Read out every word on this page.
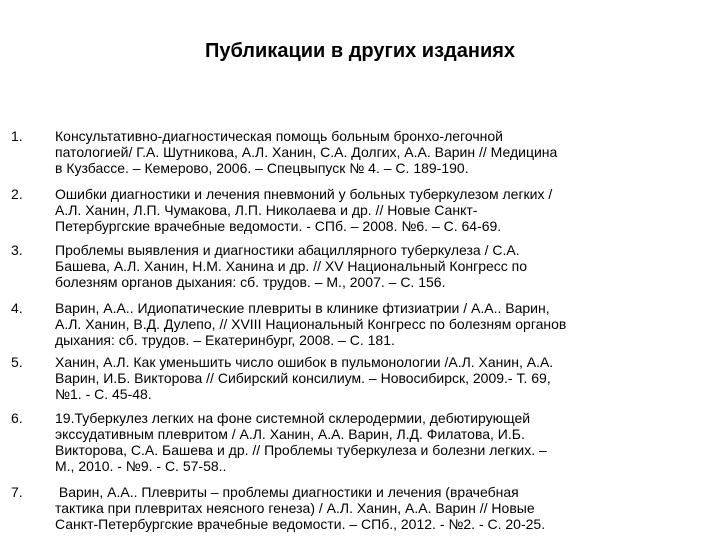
Публикации в других изданиях
1. Консультативно-диагностическая помощь больным бронхо-легочной
патологией/ Г.А. Шутникова, А.Л. Ханин, С.А. Долгих, А.А. Варин // Медицина
в Кузбассе. – Кемерово, 2006. – Спецвыпуск № 4. – С. 189-190.
2. Ошибки диагностики и лечения пневмоний у больных туберкулезом легких /
А.Л. Ханин, Л.П. Чумакова, Л.П. Николаева и др. // Новые Санкт-
Петербургские врачебные ведомости. - СПб. – 2008. №6. – С. 64-69.
3. Проблемы выявления и диагностики абациллярного туберкулеза / С.А.
Башева, А.Л. Ханин, Н.М. Ханина и др. // XV Национальный Конгресс по
болезням органов дыхания: сб. трудов. – М., 2007. – С. 156.
4. Варин, А.А.. Идиопатические плевриты в клинике фтизиатрии / А.А.. Варин,
А.Л. Ханин, В.Д. Дулепо, // XVIII Национальный Конгресс по болезням органов
дыхания: сб. трудов. – Екатеринбург, 2008. – С. 181.
5. Ханин, А.Л. Как уменьшить число ошибок в пульмонологии /А.Л. Ханин, А.А.
Варин, И.Б. Викторова // Сибирский консилиум. – Новосибирск, 2009.- Т. 69,
№1. - С. 45-48.
6. 19.Туберкулез легких на фоне системной склеродермии, дебютирующей
экссудативным плевритом / А.Л. Ханин, А.А. Варин, Л.Д. Филатова, И.Б.
Викторова, С.А. Башева и др. // Проблемы туберкулеза и болезни легких. –
М., 2010. - №9. - С. 57-58..
7.	Варин, А.А.. Плевриты – проблемы диагностики и лечения (врачебная
тактика при плевритах неясного генеза) / А.Л. Ханин, А.А. Варин // Новые
Санкт-Петербургские врачебные ведомости. – СПб., 2012. - №2. - С. 20-25.
